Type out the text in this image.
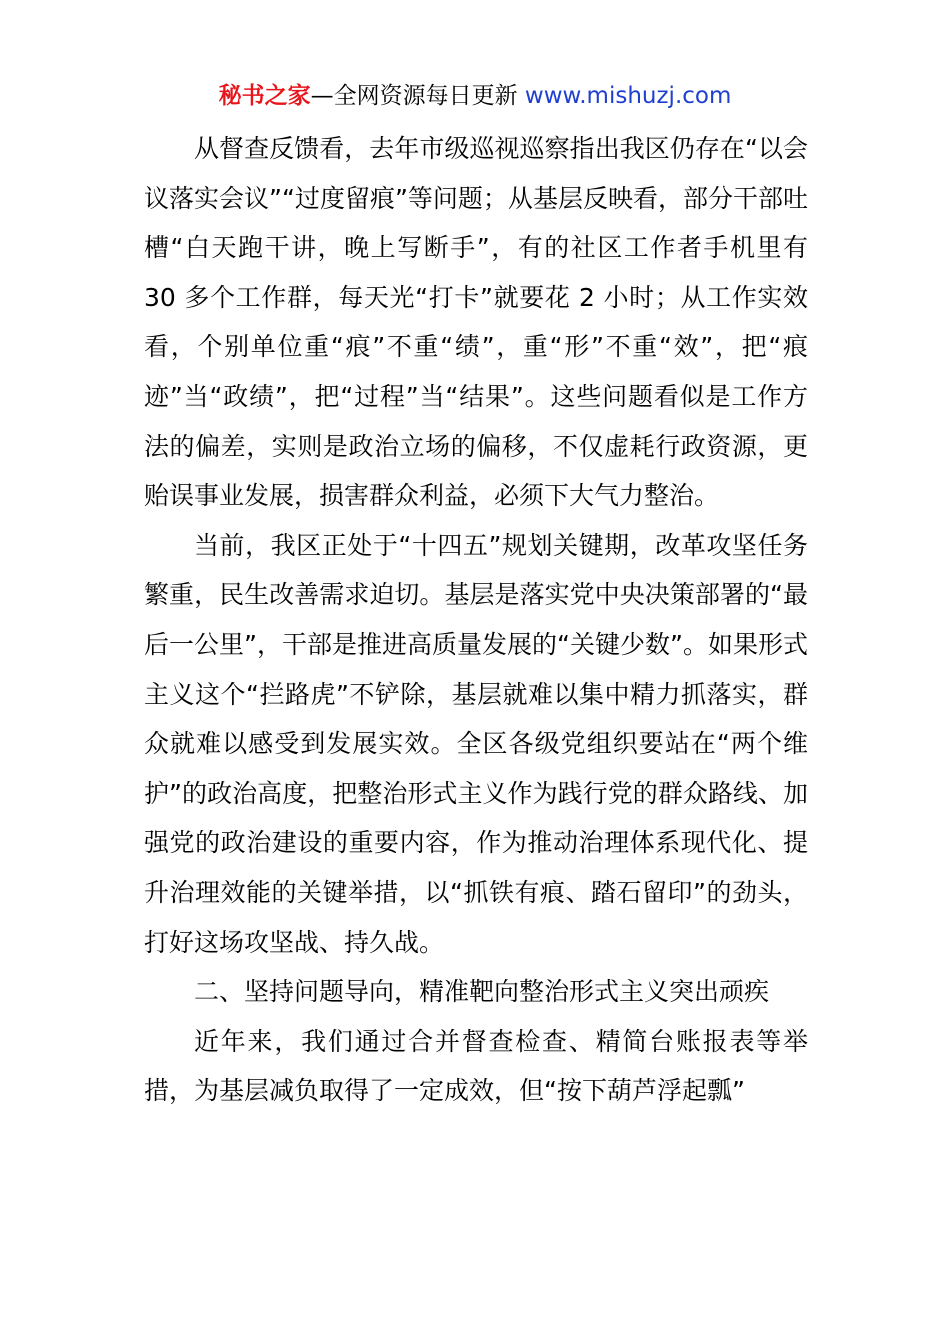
秘书之家—全网资源每日更新 www.mishuzj.com

从督查反馈看，去年市级巡视巡察指出我区仍存在“以会议落实会议”“过度留痕”等问题；从基层反映看，部分干部吐槽“白天跑干讲，晚上写断手”，有的社区工作者手机里有 30 多个工作群，每天光“打卡”就要花 2 小时；从工作实效看，个别单位重“痕”不重“绩”，重“形”不重“效”，把“痕迹”当“政绩”，把“过程”当“结果”。这些问题看似是工作方法的偏差，实则是政治立场的偏移，不仅虚耗行政资源，更贻误事业发展，损害群众利益，必须下大气力整治。

当前，我区正处于“十四五”规划关键期，改革攻坚任务繁重，民生改善需求迫切。基层是落实党中央决策部署的“最后一公里”，干部是推进高质量发展的“关键少数”。如果形式主义这个“拦路虎”不铲除，基层就难以集中精力抓落实，群众就难以感受到发展实效。全区各级党组织要站在“两个维护”的政治高度，把整治形式主义作为践行党的群众路线、加强党的政治建设的重要内容，作为推动治理体系现代化、提升治理效能的关键举措，以“抓铁有痕、踏石留印”的劲头，打好这场攻坚战、持久战。

二、坚持问题导向，精准靶向整治形式主义突出顽疾

近年来，我们通过合并督查检查、精简台账报表等举措，为基层减负取得了一定成效，但“按下葫芦浮起瓢”
